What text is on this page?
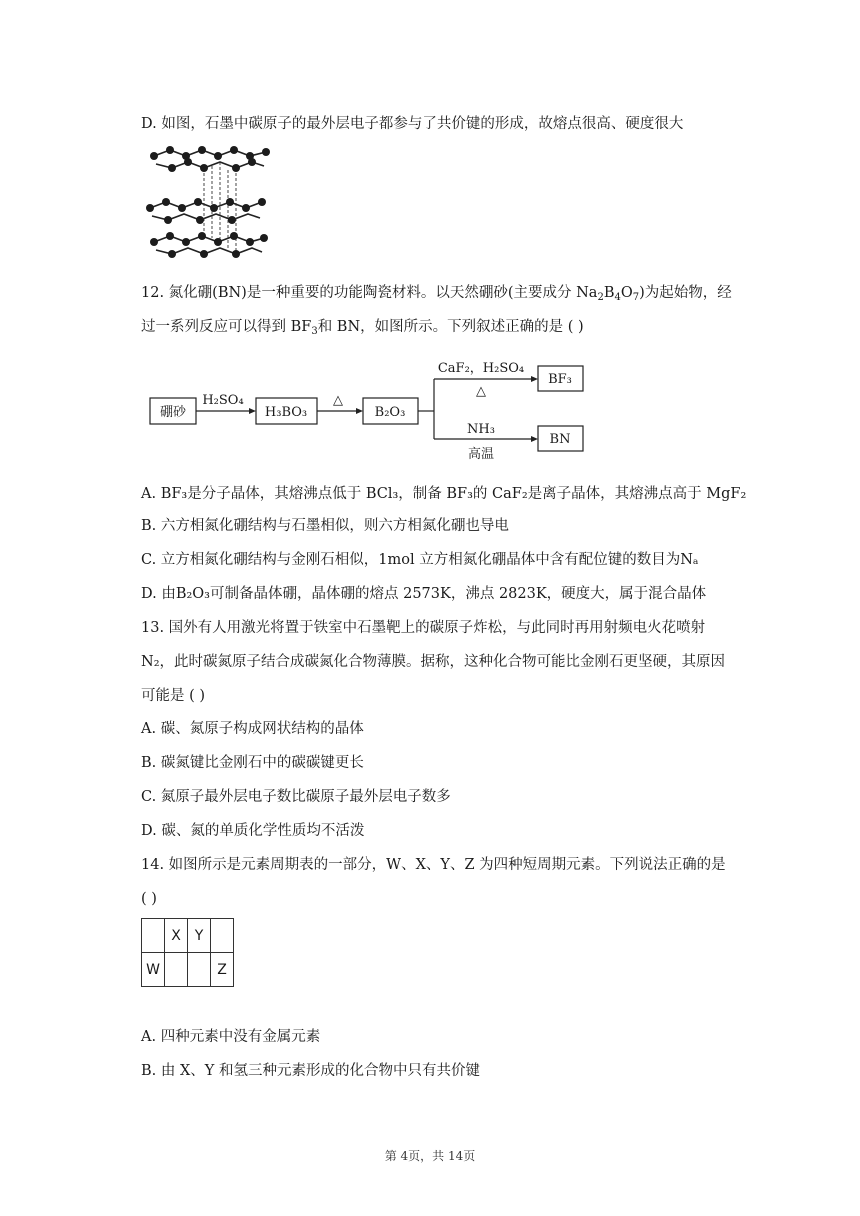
D. 如图，石墨中碳原子的最外层电子都参与了共价键的形成，故熔点很高、硬度很大
12. 氮化硼(BN)是一种重要的功能陶瓷材料。以天然硼砂(主要成分 $Na_2B_4O_7$)为起始物，经
过一系列反应可以得到 $BF_3$和 BN，如图所示。下列叙述正确的是 ( )
硼砂
H₂SO₄
H₃BO₃
△
B₂O₃
CaF₂，H₂SO₄
△
BF₃
NH₃
高温
BN
A. BF₃是分子晶体，其熔沸点低于 BCl₃，制备 BF₃的 CaF₂是离子晶体，其熔沸点高于 MgF₂
B. 六方相氮化硼结构与石墨相似，则六方相氮化硼也导电
C. 立方相氮化硼结构与金刚石相似，1mol 立方相氮化硼晶体中含有配位键的数目为Nₐ
D. 由B₂O₃可制备晶体硼，晶体硼的熔点 2573K，沸点 2823K，硬度大，属于混合晶体
13. 国外有人用激光将置于铁室中石墨靶上的碳原子炸松，与此同时再用射频电火花喷射
N₂，此时碳氮原子结合成碳氮化合物薄膜。据称，这种化合物可能比金刚石更坚硬，其原因
可能是 ( )
A. 碳、氮原子构成网状结构的晶体
B. 碳氮键比金刚石中的碳碳键更长
C. 氮原子最外层电子数比碳原子最外层电子数多
D. 碳、氮的单质化学性质均不活泼
14. 如图所示是元素周期表的一部分，W、X、Y、Z 为四种短周期元素。下列说法正确的是
( )
	X	Y	
W			Z
A. 四种元素中没有金属元素
B. 由 X、Y 和氢三种元素形成的化合物中只有共价键
第 4页，共 14页
